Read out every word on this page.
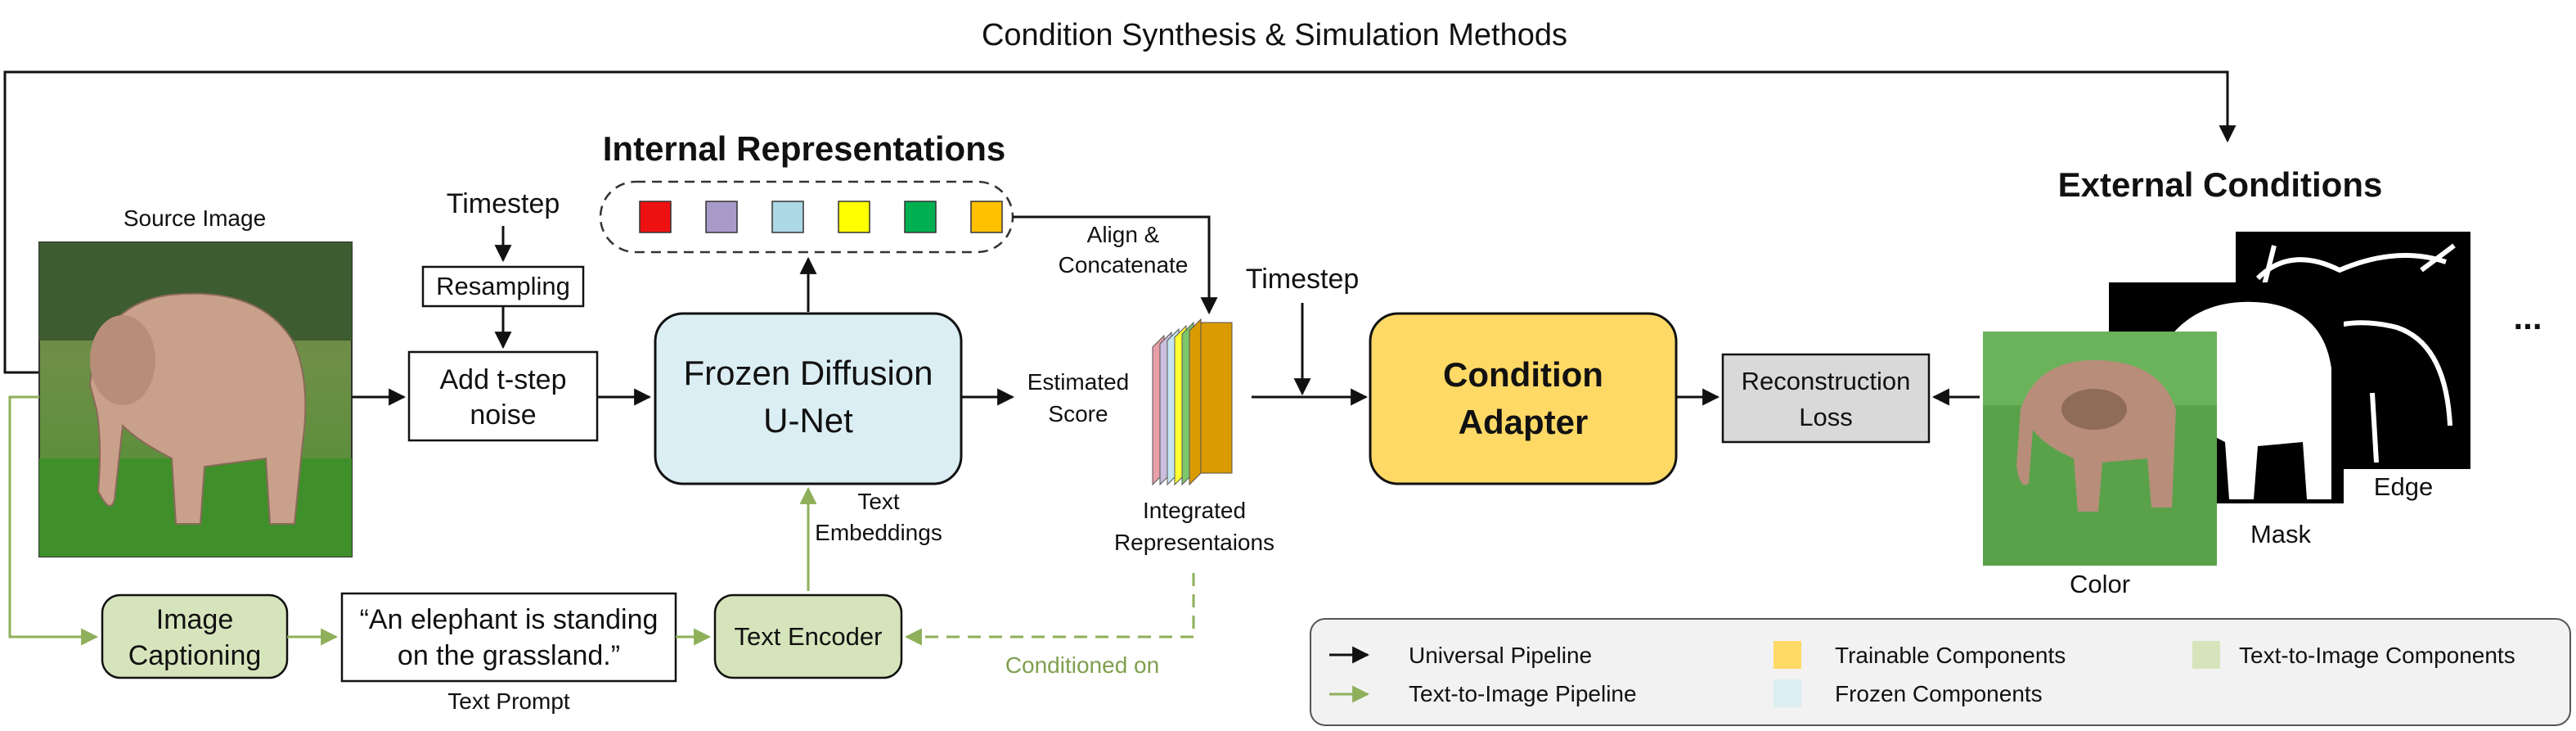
Condition Synthesis & Simulation Methods
Source Image	Timestep
Resampling
Add t-step
noise
Frozen Diffusion
U-Net
Internal Representations
Align &
Concatenate
Estimated
Score
Integrated
Representaions
Timestep
Condition
Adapter
Reconstruction
Loss
External Conditions
Edge
Mask
Color
...
Text
Embeddings
Image
Captioning
“An elephant is standing
on the grassland.”
Text Prompt
Text Encoder
Conditioned on	Universal Pipeline
Text-to-Image Pipeline
Trainable Components
Frozen Components
Text-to-Image Components
